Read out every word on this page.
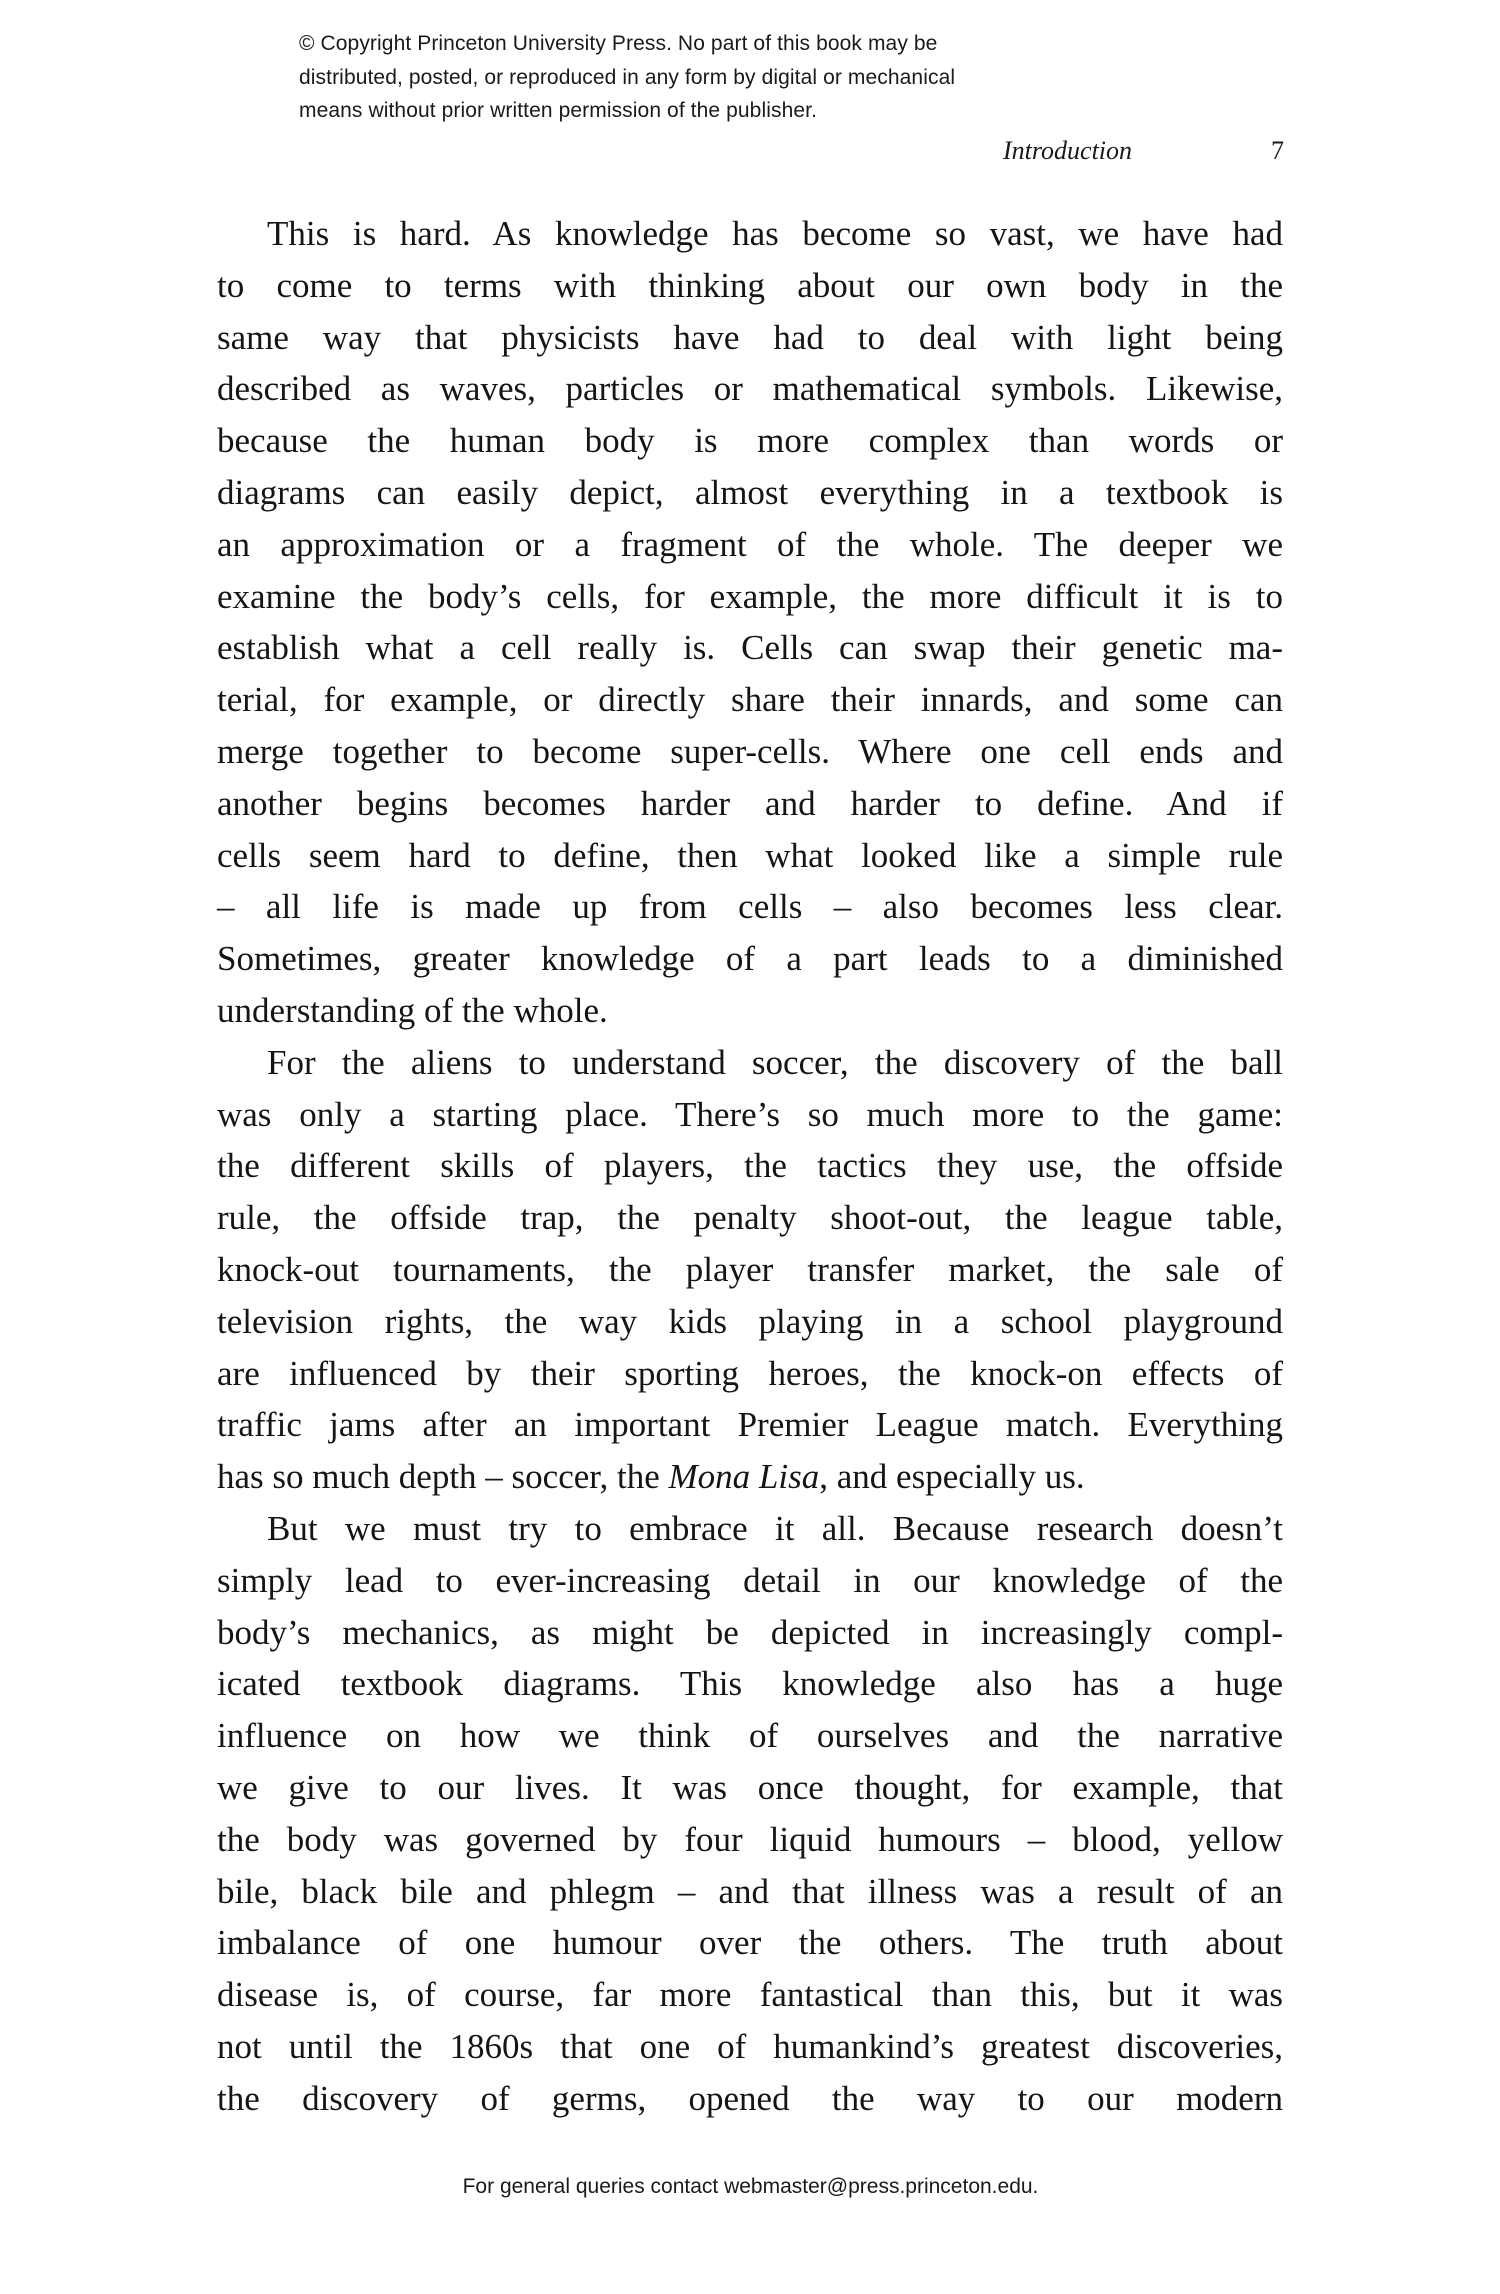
© Copyright Princeton University Press. No part of this book may be
distributed, posted, or reproduced in any form by digital or mechanical
means without prior written permission of the publisher.
Introduction	7
This is hard. As knowledge has become so vast, we have had
to come to terms with thinking about our own body in the
same way that physicists have had to deal with light being
described as waves, particles or mathematical symbols. Likewise,
because the human body is more complex than words or
diagrams can easily depict, almost everything in a textbook is
an approximation or a fragment of the whole. The deeper we
examine the body’s cells, for example, the more difficult it is to
establish what a cell really is. Cells can swap their genetic ma-
terial, for example, or directly share their innards, and some can
merge together to become super-cells. Where one cell ends and
another begins becomes harder and harder to define. And if
cells seem hard to define, then what looked like a simple rule
– all life is made up from cells – also becomes less clear.
Sometimes, greater knowledge of a part leads to a diminished
understanding of the whole.
For the aliens to understand soccer, the discovery of the ball
was only a starting place. There’s so much more to the game:
the different skills of players, the tactics they use, the offside
rule, the offside trap, the penalty shoot-out, the league table,
knock-out tournaments, the player transfer market, the sale of
television rights, the way kids playing in a school playground
are influenced by their sporting heroes, the knock-on effects of
traffic jams after an important Premier League match. Everything
has so much depth – soccer, the Mona Lisa, and especially us.
But we must try to embrace it all. Because research doesn’t
simply lead to ever-increasing detail in our knowledge of the
body’s mechanics, as might be depicted in increasingly compl-
icated textbook diagrams. This knowledge also has a huge
influence on how we think of ourselves and the narrative
we give to our lives. It was once thought, for example, that
the body was governed by four liquid humours – blood, yellow
bile, black bile and phlegm – and that illness was a result of an
imbalance of one humour over the others. The truth about
disease is, of course, far more fantastical than this, but it was
not until the 1860s that one of humankind’s greatest discoveries,
the discovery of germs, opened the way to our modern
For general queries contact webmaster@press.princeton.edu.
